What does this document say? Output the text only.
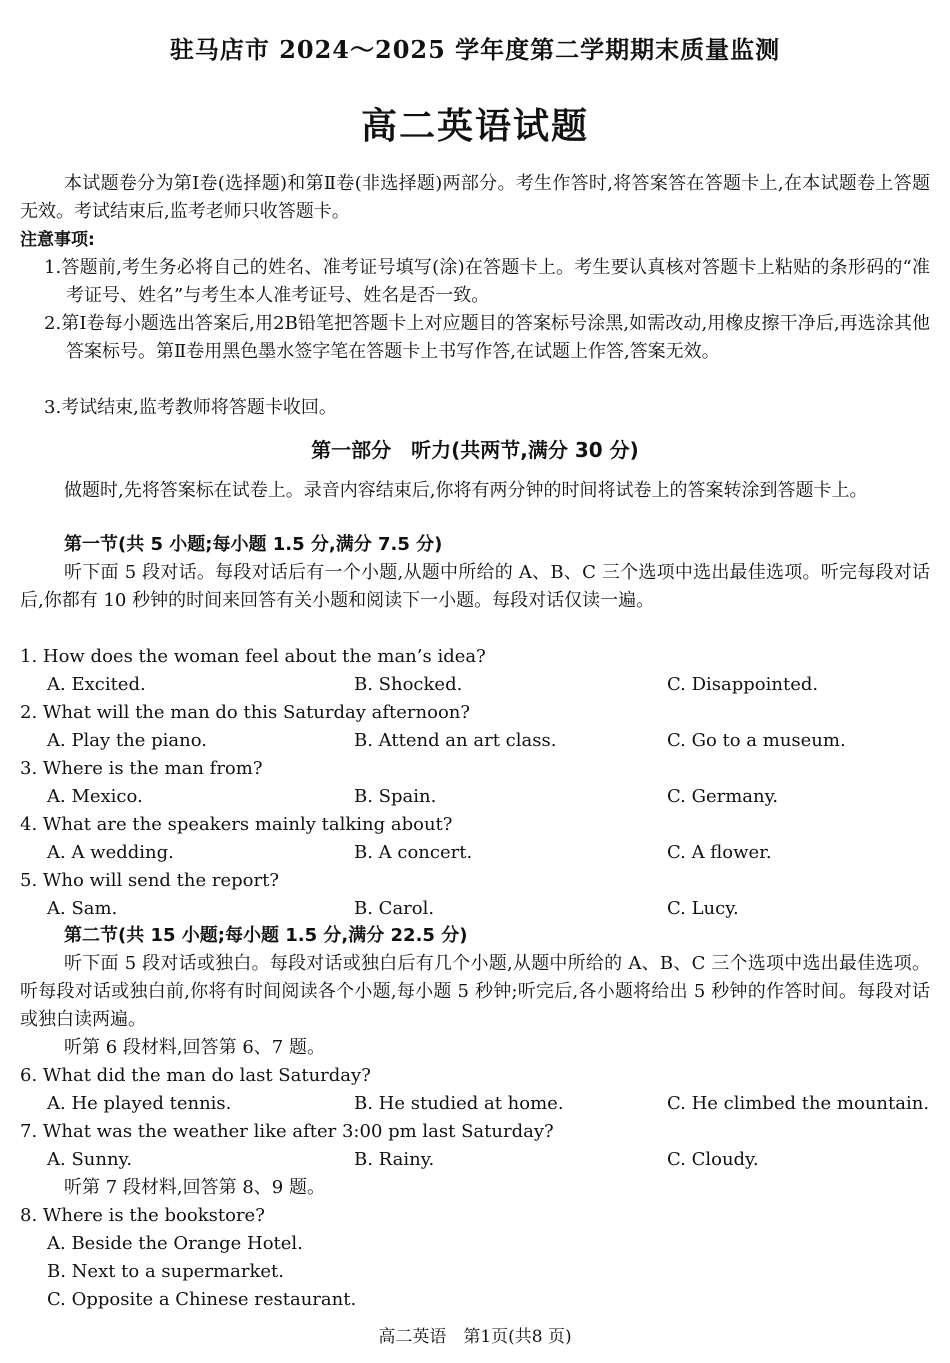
驻马店市 2024～2025 学年度第二学期期末质量监测
高二英语试题
本试题卷分为第Ⅰ卷(选择题)和第Ⅱ卷(非选择题)两部分。考生作答时,将答案答在答题卡上,在本试题卷上答题无效。考试结束后,监考老师只收答题卡。
注意事项:
1.答题前,考生务必将自己的姓名、准考证号填写(涂)在答题卡上。考生要认真核对答题卡上粘贴的条形码的“准考证号、姓名”与考生本人准考证号、姓名是否一致。
2.第Ⅰ卷每小题选出答案后,用2B铅笔把答题卡上对应题目的答案标号涂黑,如需改动,用橡皮擦干净后,再选涂其他答案标号。第Ⅱ卷用黑色墨水签字笔在答题卡上书写作答,在试题上作答,答案无效。
3.考试结束,监考教师将答题卡收回。
第一部分　听力(共两节,满分 30 分)
做题时,先将答案标在试卷上。录音内容结束后,你将有两分钟的时间将试卷上的答案转涂到答题卡上。
第一节(共 5 小题;每小题 1.5 分,满分 7.5 分)
听下面 5 段对话。每段对话后有一个小题,从题中所给的 A、B、C 三个选项中选出最佳选项。听完每段对话后,你都有 10 秒钟的时间来回答有关小题和阅读下一小题。每段对话仅读一遍。
1. How does the woman feel about the man’s idea?
A. Excited.	B. Shocked.	C. Disappointed.
2. What will the man do this Saturday afternoon?
A. Play the piano.	B. Attend an art class.	C. Go to a museum.
3. Where is the man from?
A. Mexico.	B. Spain.	C. Germany.
4. What are the speakers mainly talking about?
A. A wedding.	B. A concert.	C. A flower.
5. Who will send the report?
A. Sam.	B. Carol.	C. Lucy.
第二节(共 15 小题;每小题 1.5 分,满分 22.5 分)
听下面 5 段对话或独白。每段对话或独白后有几个小题,从题中所给的 A、B、C 三个选项中选出最佳选项。听每段对话或独白前,你将有时间阅读各个小题,每小题 5 秒钟;听完后,各小题将给出 5 秒钟的作答时间。每段对话或独白读两遍。
听第 6 段材料,回答第 6、7 题。
6. What did the man do last Saturday?
A. He played tennis.	B. He studied at home.	C. He climbed the mountain.
7. What was the weather like after 3:00 pm last Saturday?
A. Sunny.	B. Rainy.	C. Cloudy.
听第 7 段材料,回答第 8、9 题。
8. Where is the bookstore?
A. Beside the Orange Hotel.
B. Next to a supermarket.
C. Opposite a Chinese restaurant.
高二英语　第1页(共8 页)
